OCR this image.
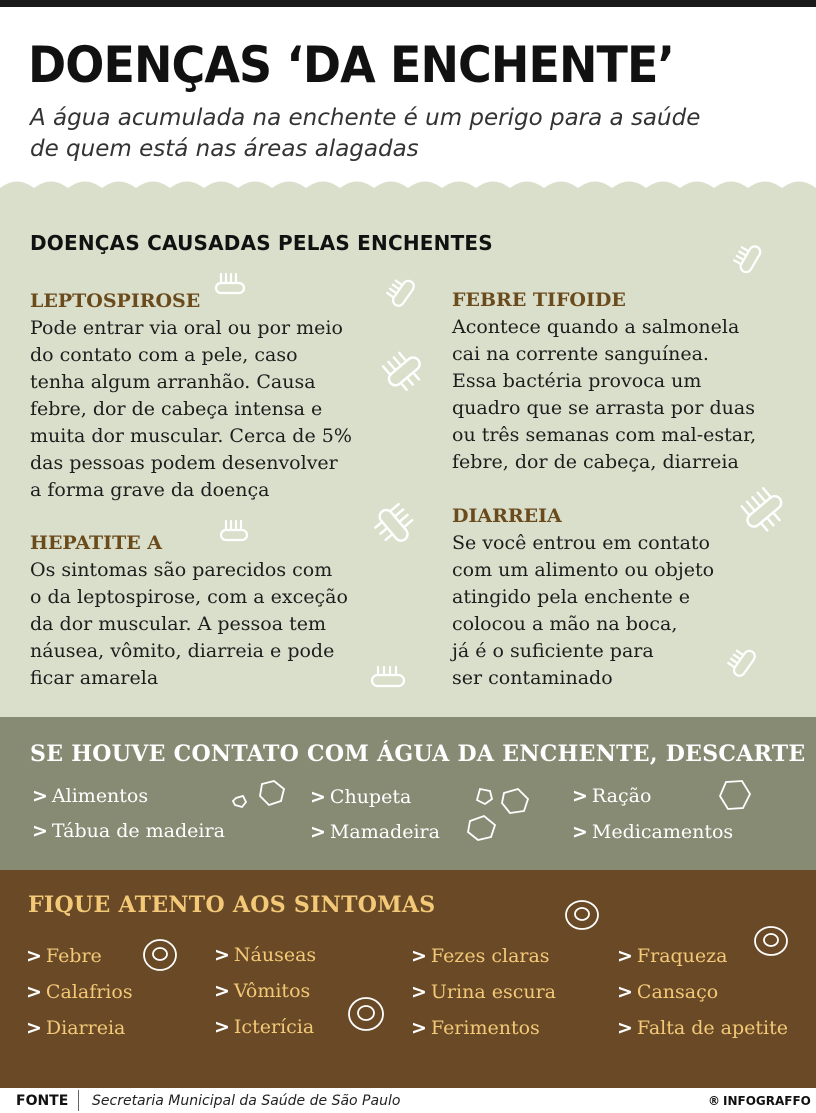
DOENÇAS ‘DA ENCHENTE’
A água acumulada na enchente é um perigo para a saúde
de quem está nas áreas alagadas
DOENÇAS CAUSADAS PELAS ENCHENTES
LEPTOSPIROSE

Pode entrar via oral ou por meio
do contato com a pele, caso
tenha algum arranhão. Causa
febre, dor de cabeça intensa e
muita dor muscular. Cerca de 5%
das pessoas podem desenvolver
a forma grave da doença

HEPATITE A

Os sintomas são parecidos com
o da leptospirose, com a exceção
da dor muscular. A pessoa tem
náusea, vômito, diarreia e pode
ficar amarela

FEBRE TIFOIDE

Acontece quando a salmonela
cai na corrente sanguínea.
Essa bactéria provoca um
quadro que se arrasta por duas
ou três semanas com mal-estar,
febre, dor de cabeça, diarreia

DIARREIA

Se você entrou em contato
com um alimento ou objeto
atingido pela enchente e
colocou a mão na boca,
já é o suficiente para
ser contaminado

SE HOUVE CONTATO COM ÁGUA DA ENCHENTE, DESCARTE
> Alimentos
> Tábua de madeira
> Chupeta
> Mamadeira
> Ração
> Medicamentos
FIQUE ATENTO AOS SINTOMAS
> Febre
> Calafrios
> Diarreia
> Náuseas
> Vômitos
> Icterícia
> Fezes claras
> Urina escura
> Ferimentos
> Fraqueza
> Cansaço
> Falta de apetite
FONTE Secretaria Municipal da Saúde de São Paulo	® INFOGRAFFO
